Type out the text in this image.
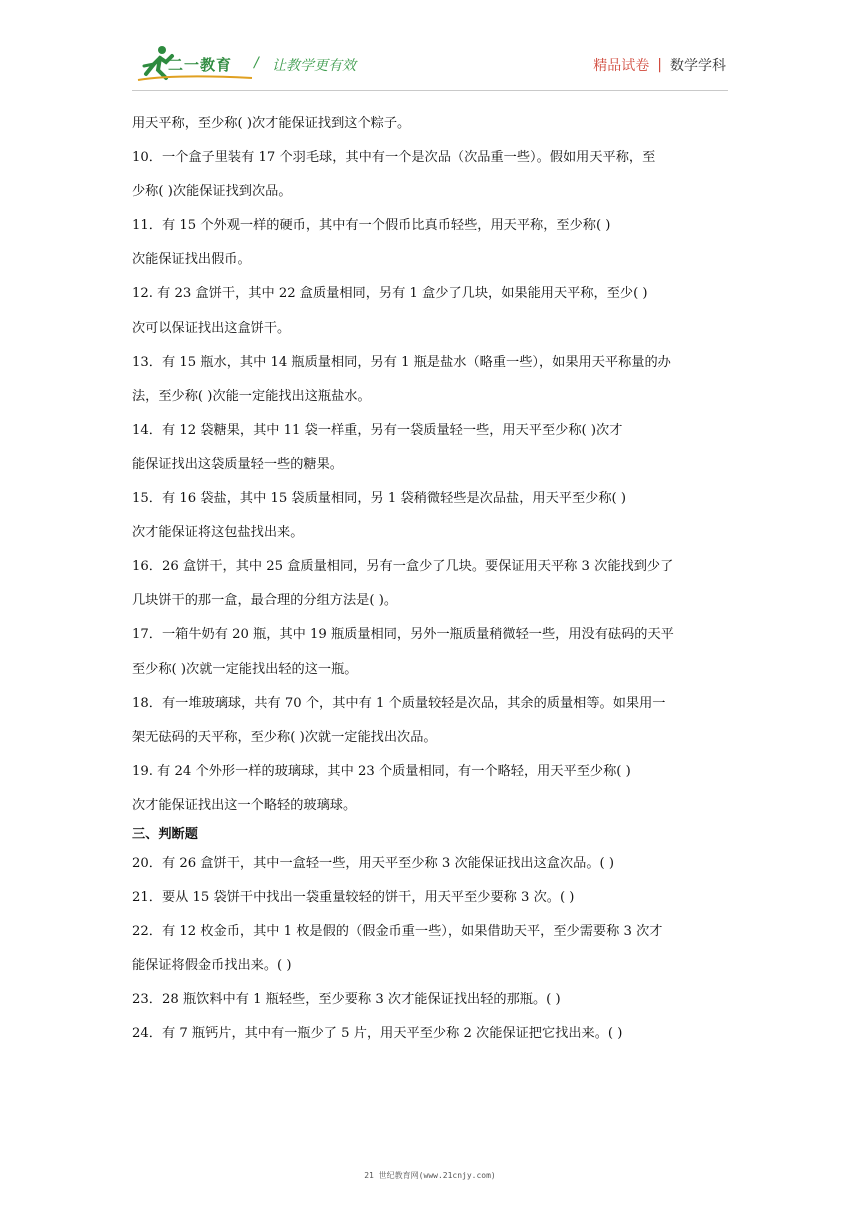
二一教育 / 让教学更有效	精品试卷 | 数学学科
用天平称，至少称( )次才能保证找到这个粽子。
10．一个盒子里装有 17 个羽毛球，其中有一个是次品（次品重一些）。假如用天平称，至
少称( )次能保证找到次品。
11．有 15 个外观一样的硬币，其中有一个假币比真币轻些，用天平称，至少称( )
次能保证找出假币。
12. 有 23 盒饼干，其中 22 盒质量相同，另有 1 盒少了几块，如果能用天平称，至少( )
次可以保证找出这盒饼干。
13．有 15 瓶水，其中 14 瓶质量相同，另有 1 瓶是盐水（略重一些），如果用天平称量的办
法，至少称( )次能一定能找出这瓶盐水。
14．有 12 袋糖果，其中 11 袋一样重，另有一袋质量轻一些，用天平至少称( )次才
能保证找出这袋质量轻一些的糖果。
15．有 16 袋盐，其中 15 袋质量相同，另 1 袋稍微轻些是次品盐，用天平至少称( )
次才能保证将这包盐找出来。
16．26 盒饼干，其中 25 盒质量相同，另有一盒少了几块。要保证用天平称 3 次能找到少了
几块饼干的那一盒，最合理的分组方法是( )。
17．一箱牛奶有 20 瓶，其中 19 瓶质量相同，另外一瓶质量稍微轻一些，用没有砝码的天平
至少称( )次就一定能找出轻的这一瓶。
18．有一堆玻璃球，共有 70 个，其中有 1 个质量较轻是次品，其余的质量相等。如果用一
架无砝码的天平称，至少称( )次就一定能找出次品。
19. 有 24 个外形一样的玻璃球，其中 23 个质量相同，有一个略轻，用天平至少称( )
次才能保证找出这一个略轻的玻璃球。
三、判断题
20．有 26 盒饼干，其中一盒轻一些，用天平至少称 3 次能保证找出这盒次品。( )
21．要从 15 袋饼干中找出一袋重量较轻的饼干，用天平至少要称 3 次。( )
22．有 12 枚金币，其中 1 枚是假的（假金币重一些），如果借助天平，至少需要称 3 次才
能保证将假金币找出来。( )
23．28 瓶饮料中有 1 瓶轻些，至少要称 3 次才能保证找出轻的那瓶。( )
24．有 7 瓶钙片，其中有一瓶少了 5 片，用天平至少称 2 次能保证把它找出来。( )
21 世纪教育网(www.21cnjy.com)
